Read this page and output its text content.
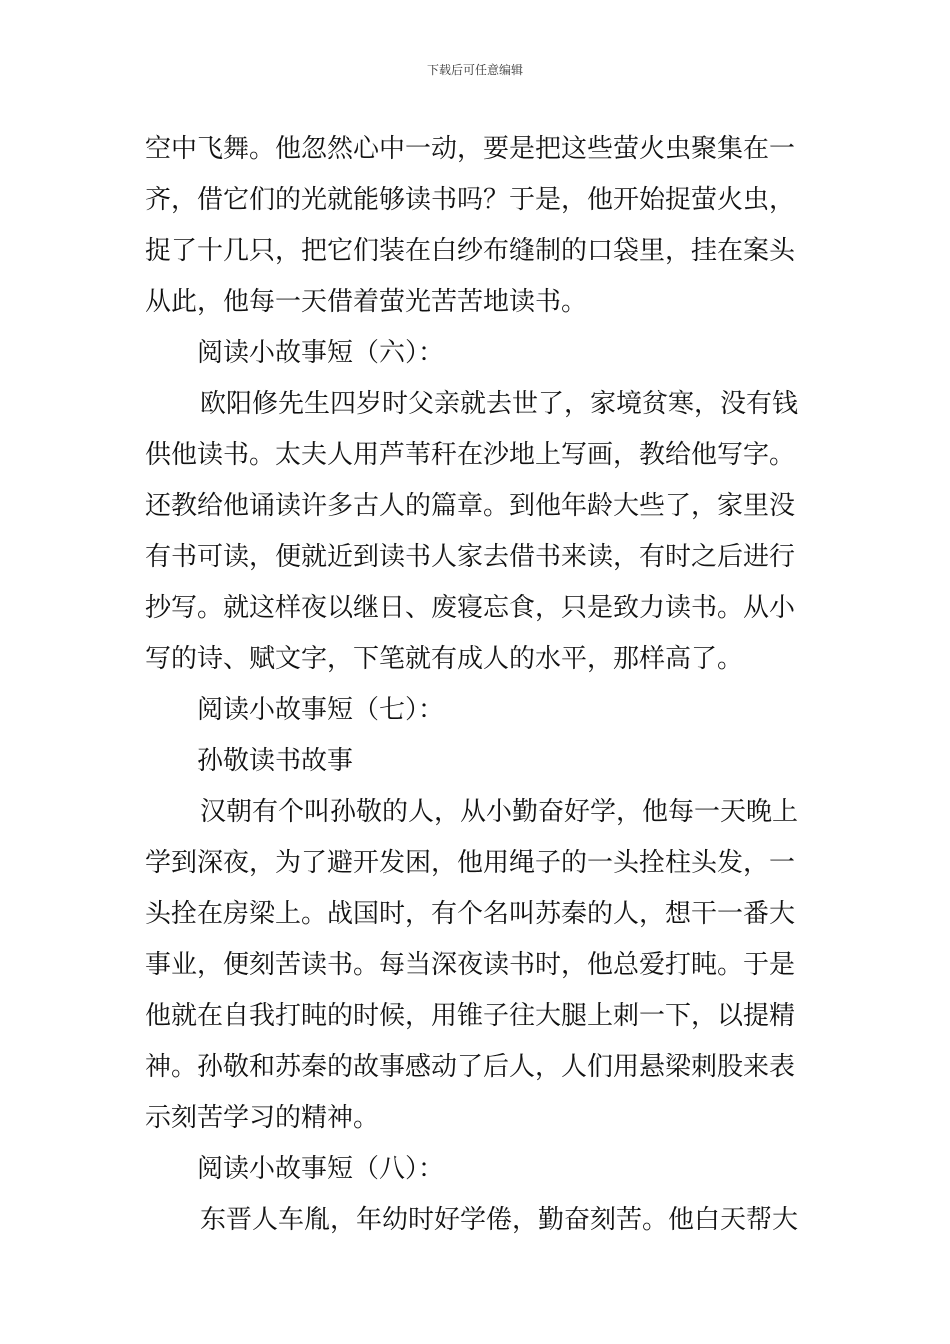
下载后可任意编辑
空中飞舞。他忽然心中一动，要是把这些萤火虫聚集在一
齐，借它们的光就能够读书吗？于是，他开始捉萤火虫，
捉了十几只，把它们装在白纱布缝制的口袋里，挂在案头
从此，他每一天借着萤光苦苦地读书。
阅读小故事短（六）：
欧阳修先生四岁时父亲就去世了，家境贫寒，没有钱
供他读书。太夫人用芦苇秆在沙地上写画，教给他写字。
还教给他诵读许多古人的篇章。到他年龄大些了，家里没
有书可读，便就近到读书人家去借书来读，有时之后进行
抄写。就这样夜以继日、废寝忘食，只是致力读书。从小
写的诗、赋文字，下笔就有成人的水平，那样高了。
阅读小故事短（七）：
孙敬读书故事
汉朝有个叫孙敬的人，从小勤奋好学，他每一天晚上
学到深夜，为了避开发困，他用绳子的一头拴柱头发，一
头拴在房梁上。战国时，有个名叫苏秦的人，想干一番大
事业，便刻苦读书。每当深夜读书时，他总爱打盹。于是
他就在自我打盹的时候，用锥子往大腿上刺一下，以提精
神。孙敬和苏秦的故事感动了后人，人们用悬梁刺股来表
示刻苦学习的精神。
阅读小故事短（八）：
东晋人车胤，年幼时好学倦，勤奋刻苦。他白天帮大
